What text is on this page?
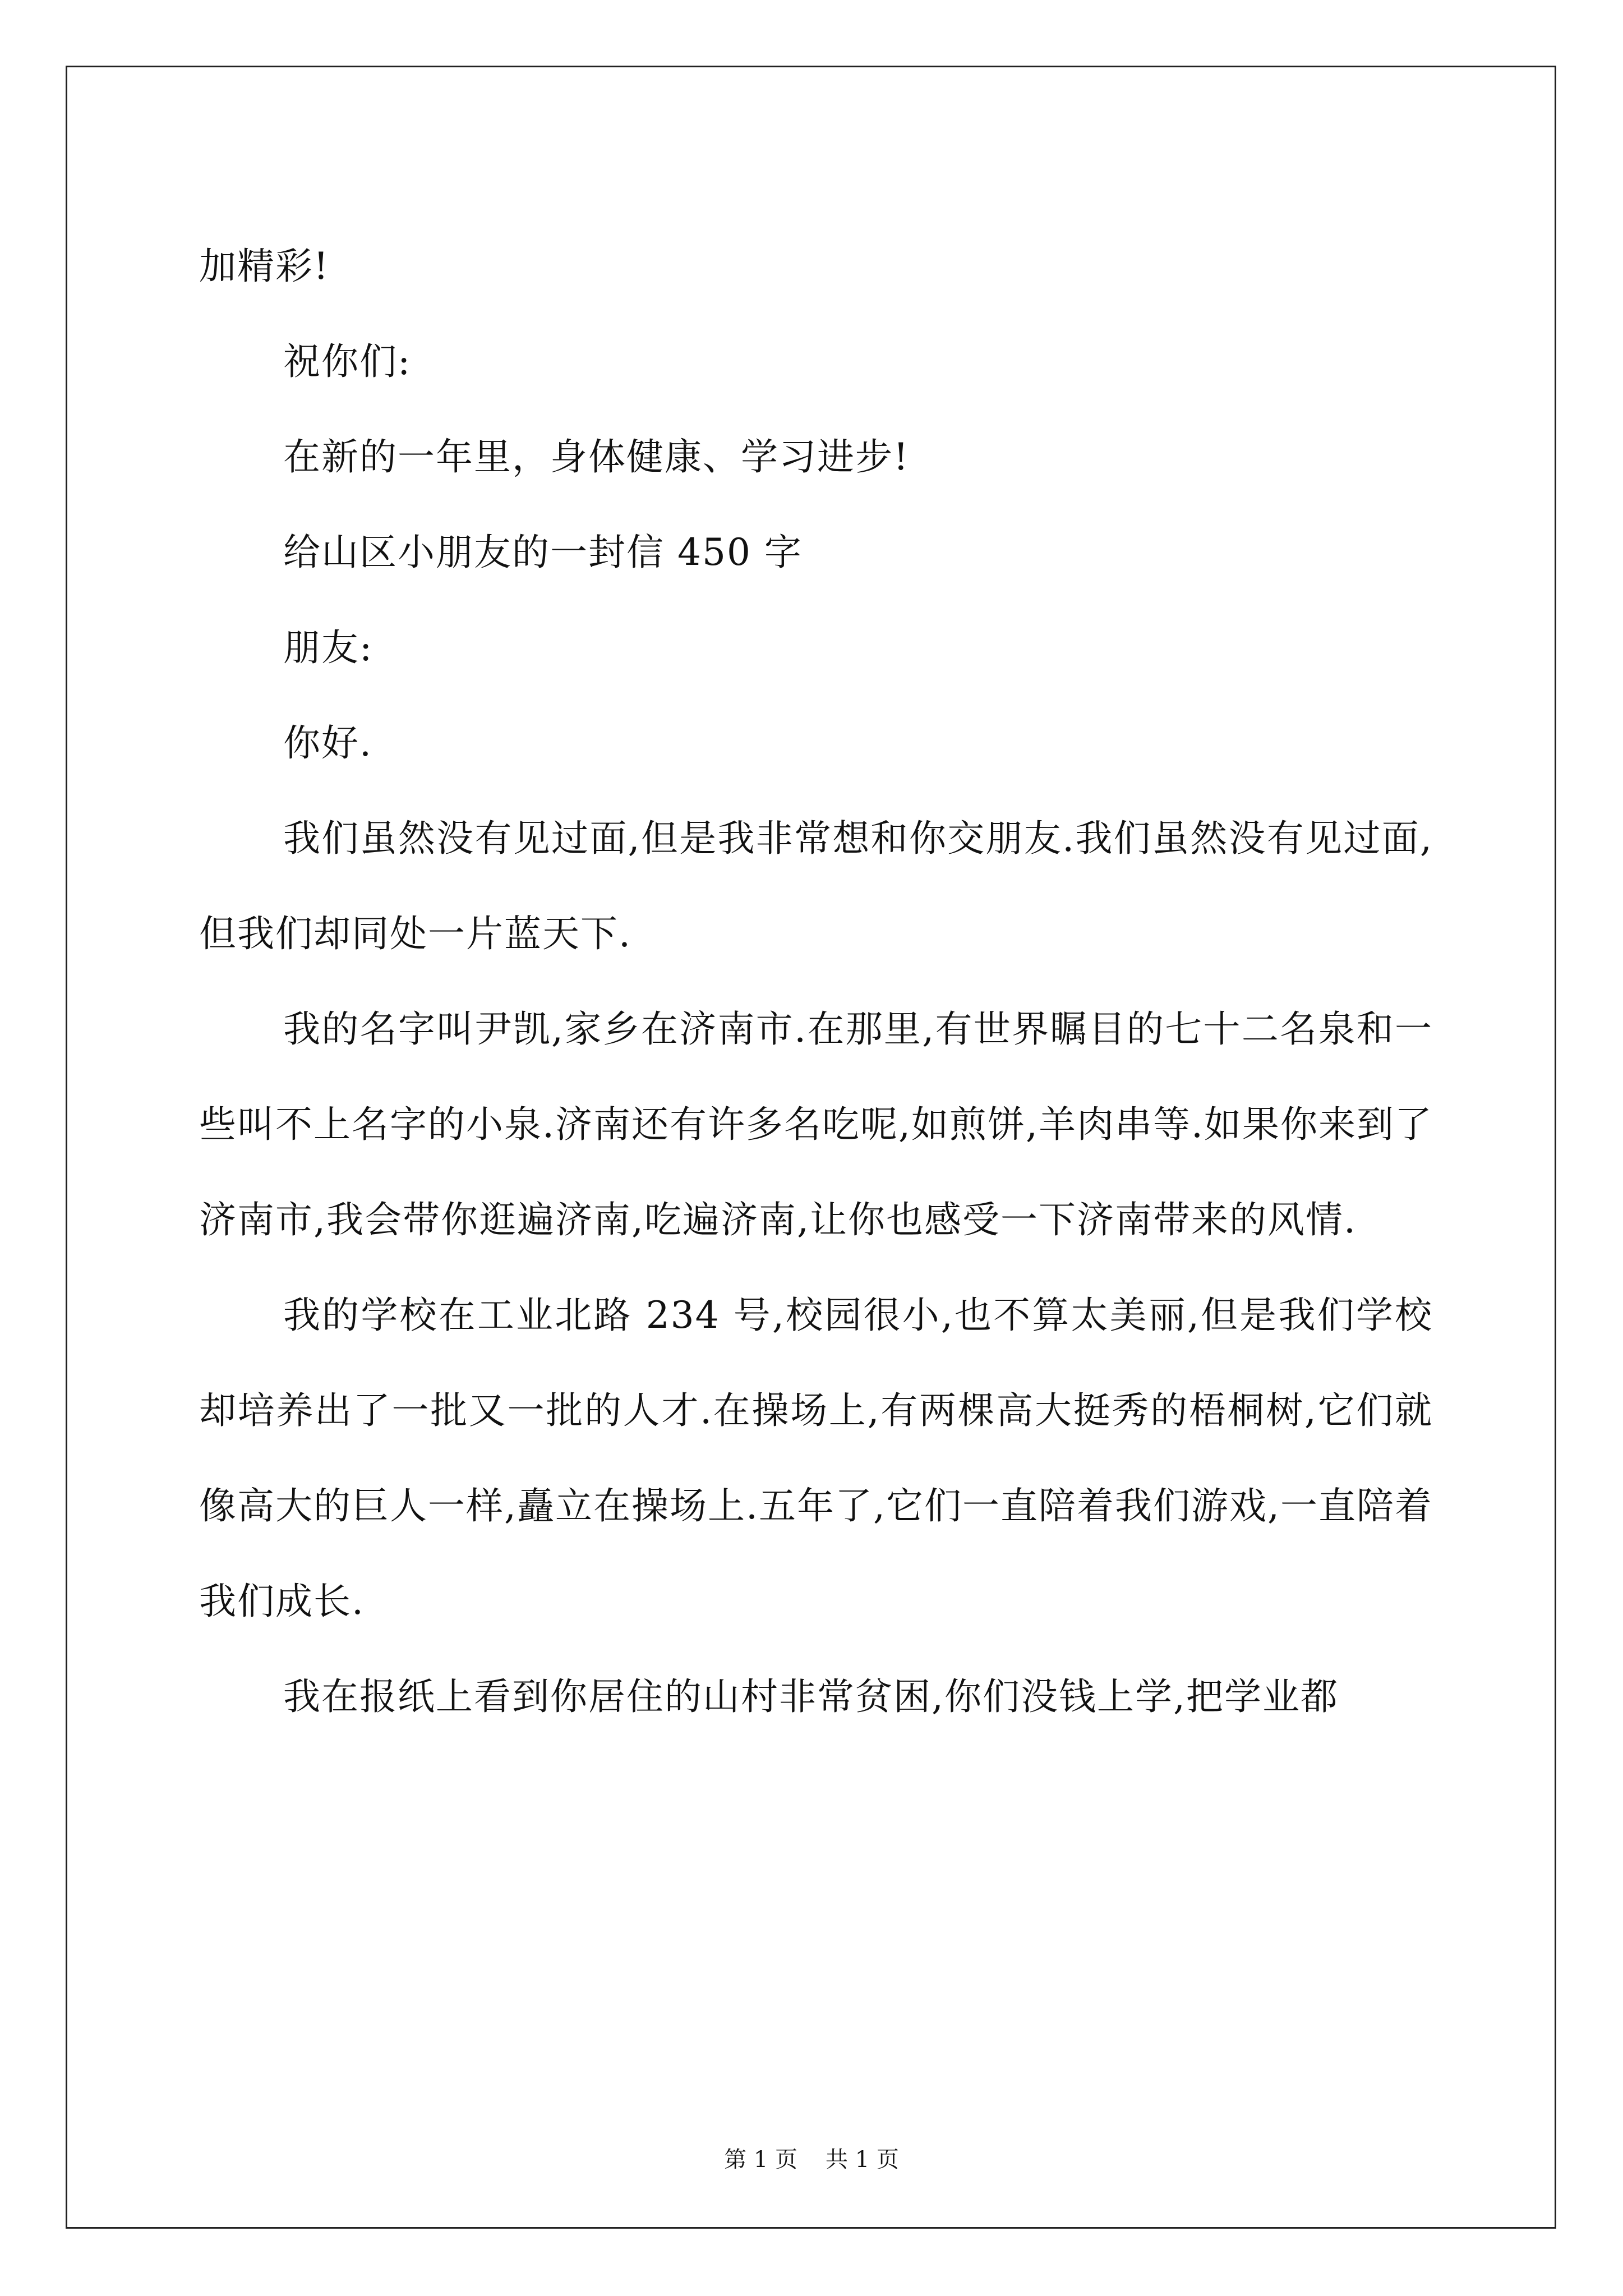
加精彩!

祝你们:

在新的一年里，身体健康、学习进步!

给山区小朋友的一封信 450 字

朋友:

你好.

我们虽然没有见过面,但是我非常想和你交朋友.我们虽然没有见过面,但我们却同处一片蓝天下.

我的名字叫尹凯,家乡在济南市.在那里,有世界瞩目的七十二名泉和一些叫不上名字的小泉.济南还有许多名吃呢,如煎饼,羊肉串等.如果你来到了济南市,我会带你逛遍济南,吃遍济南,让你也感受一下济南带来的风情.

我的学校在工业北路 234 号,校园很小,也不算太美丽,但是我们学校却培养出了一批又一批的人才.在操场上,有两棵高大挺秀的梧桐树,它们就像高大的巨人一样,矗立在操场上.五年了,它们一直陪着我们游戏,一直陪着我们成长.

我在报纸上看到你居住的山村非常贫困,你们没钱上学,把学业都

第 1 页 共 1 页
